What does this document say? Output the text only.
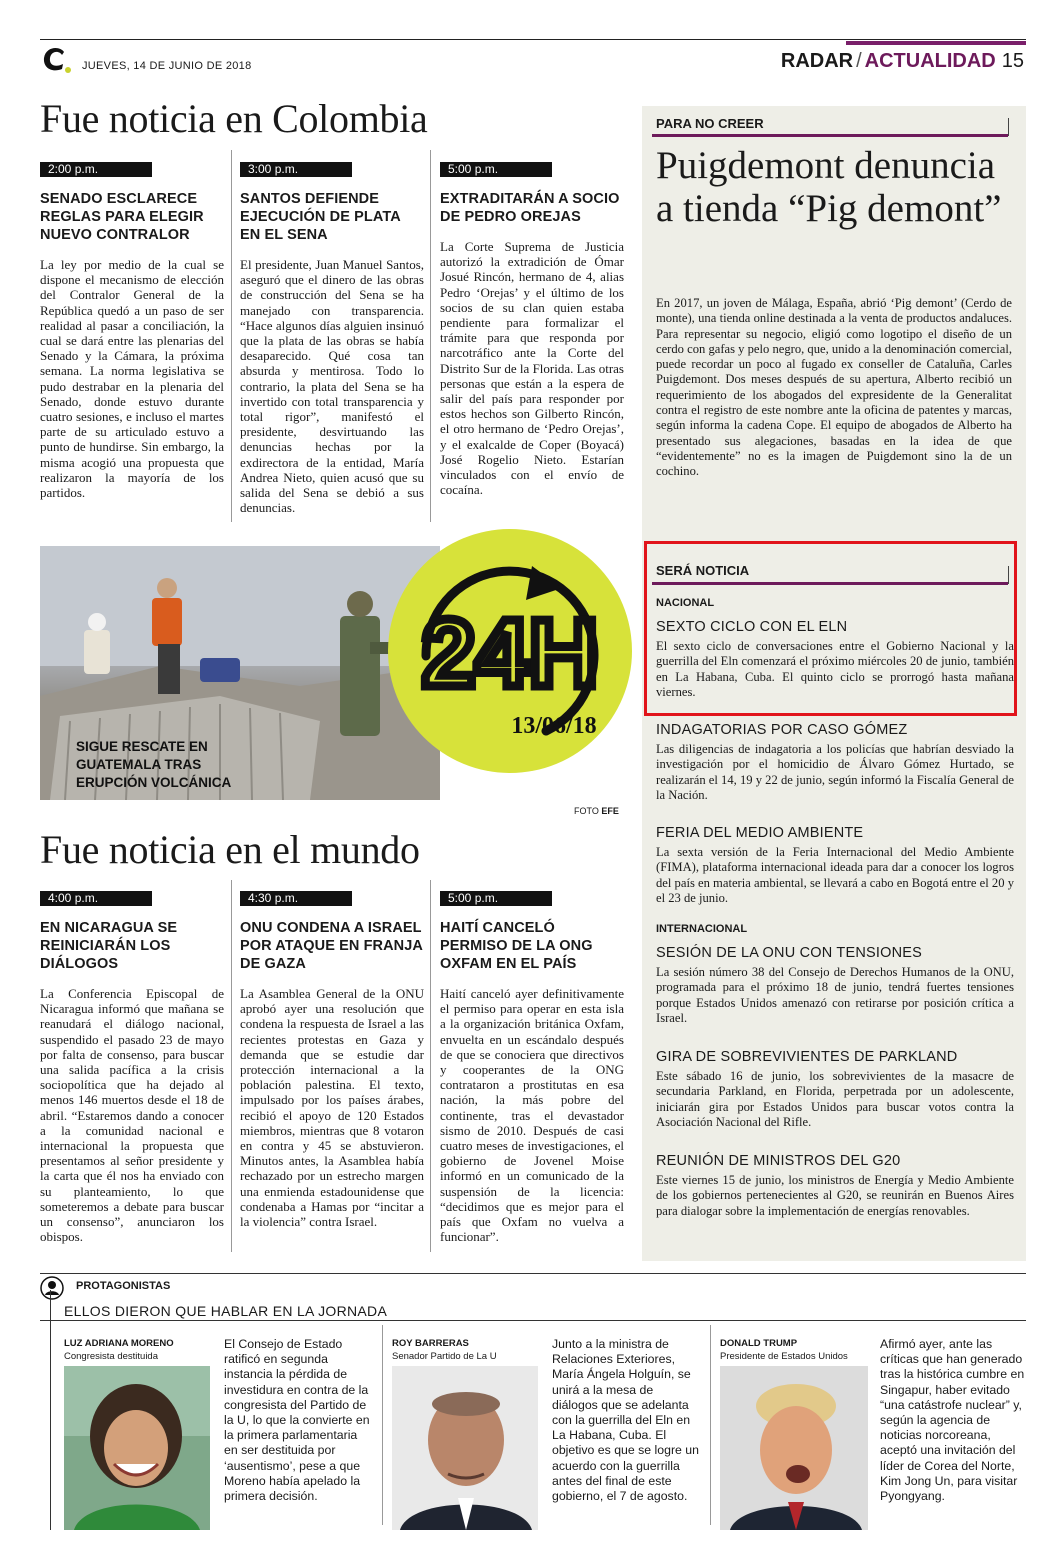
JUEVES, 14 DE JUNIO DE 2018	RADAR / ACTUALIDAD 15
Fue noticia en Colombia
2:00 p.m.
SENADO ESCLARECE REGLAS PARA ELEGIR NUEVO CONTRALOR
La ley por medio de la cual se dispone el mecanismo de elección del Contralor General de la República quedó a un paso de ser realidad al pasar a conciliación, la cual se dará entre las plenarias del Senado y la Cámara, la próxima semana. La norma legislativa se pudo destrabar en la plenaria del Senado, donde estuvo durante cuatro sesiones, e incluso el martes parte de su articulado estuvo a punto de hundirse. Sin embargo, la misma acogió una propuesta que realizaron la mayoría de los partidos.
3:00 p.m.
SANTOS DEFIENDE EJECUCIÓN DE PLATA EN EL SENA
El presidente, Juan Manuel Santos, aseguró que el dinero de las obras de construcción del Sena se ha manejado con transparencia. “Hace algunos días alguien insinuó que la plata de las obras se había desaparecido. Qué cosa tan absurda y mentirosa. Todo lo contrario, la plata del Sena se ha invertido con total transparencia y total rigor”, manifestó el presidente, desvirtuando las denuncias hechas por la exdirectora de la entidad, María Andrea Nieto, quien acusó que su salida del Sena se debió a sus denuncias.
5:00 p.m.
EXTRADITARÁN A SOCIO DE PEDRO OREJAS
La Corte Suprema de Justicia autorizó la extradición de Ómar Josué Rincón, hermano de 4, alias Pedro ‘Orejas’ y el último de los socios de su clan quien estaba pendiente para formalizar el trámite para que responda por narcotráfico ante la Corte del Distrito Sur de la Florida. Las otras personas que están a la espera de salir del país para responder por estos hechos son Gilberto Rincón, el otro hermano de ‘Pedro Orejas’, y el exalcalde de Coper (Boyacá) José Rogelio Nieto. Estarían vinculados con el envío de cocaína.
PARA NO CREER
Puigdemont denuncia a tienda “Pig demont”
En 2017, un joven de Málaga, España, abrió ‘Pig demont’ (Cerdo de monte), una tienda online destinada a la venta de productos andaluces. Para representar su negocio, eligió como logotipo el diseño de un cerdo con gafas y pelo negro, que, unido a la denominación comercial, puede recordar un poco al fugado ex conseller de Cataluña, Carles Puigdemont. Dos meses después de su apertura, Alberto recibió un requerimiento de los abogados del expresidente de la Generalitat contra el registro de este nombre ante la oficina de patentes y marcas, según informa la cadena Cope. El equipo de abogados de Alberto ha presentado sus alegaciones, basadas en la idea de que “evidentemente” no es la imagen de Puigdemont sino la de un cochino.
SERÁ NOTICIA
NACIONAL
SEXTO CICLO CON EL ELN
El sexto ciclo de conversaciones entre el Gobierno Nacional y la guerrilla del Eln comenzará el próximo miércoles 20 de junio, también en La Habana, Cuba. El quinto ciclo se prorrogó hasta mañana viernes.
INDAGATORIAS POR CASO GÓMEZ
Las diligencias de indagatoria a los policías que habrían desviado la investigación por el homicidio de Álvaro Gómez Hurtado, se realizarán el 14, 19 y 22 de junio, según informó la Fiscalía General de la Nación.
FERIA DEL MEDIO AMBIENTE
La sexta versión de la Feria Internacional del Medio Ambiente (FIMA), plataforma internacional ideada para dar a conocer los logros del país en materia ambiental, se llevará a cabo en Bogotá entre el 20 y el 23 de junio.
INTERNACIONAL
SESIÓN DE LA ONU CON TENSIONES
La sesión número 38 del Consejo de Derechos Humanos de la ONU, programada para el próximo 18 de junio, tendrá fuertes tensiones porque Estados Unidos amenazó con retirarse por posición crítica a Israel.
GIRA DE SOBREVIVIENTES DE PARKLAND
Este sábado 16 de junio, los sobrevivientes de la masacre de secundaria Parkland, en Florida, perpetrada por un adolescente, iniciarán gira por Estados Unidos para buscar votos contra la Asociación Nacional del Rifle.
REUNIÓN DE MINISTROS DEL G20
Este viernes 15 de junio, los ministros de Energía y Medio Ambiente de los gobiernos pertenecientes al G20, se reunirán en Buenos Aires para dialogar sobre la implementación de energías renovables.
SIGUE RESCATE EN
GUATEMALA TRAS
ERUPCIÓN VOLCÁNICA
FOTO EFE
24H
13/06/18
Fue noticia en el mundo
4:00 p.m.
EN NICARAGUA SE REINICIARÁN LOS DIÁLOGOS
La Conferencia Episcopal de Nicaragua informó que mañana se reanudará el diálogo nacional, suspendido el pasado 23 de mayo por falta de consenso, para buscar una salida pacífica a la crisis sociopolítica que ha dejado al menos 146 muertos desde el 18 de abril. “Estaremos dando a conocer a la comunidad nacional e internacional la propuesta que presentamos al señor presidente y la carta que él nos ha enviado con su planteamiento, lo que someteremos a debate para buscar un consenso”, anunciaron los obispos.
4:30 p.m.
ONU CONDENA A ISRAEL POR ATAQUE EN FRANJA DE GAZA
La Asamblea General de la ONU aprobó ayer una resolución que condena la respuesta de Israel a las recientes protestas en Gaza y demanda que se estudie dar protección internacional a la población palestina. El texto, impulsado por los países árabes, recibió el apoyo de 120 Estados miembros, mientras que 8 votaron en contra y 45 se abstuvieron. Minutos antes, la Asamblea había rechazado por un estrecho margen una enmienda estadounidense que condenaba a Hamas por “incitar a la violencia” contra Israel.
5:00 p.m.
HAITÍ CANCELÓ PERMISO DE LA ONG OXFAM EN EL PAÍS
Haití canceló ayer definitivamente el permiso para operar en esta isla a la organización británica Oxfam, envuelta en un escándalo después de que se conociera que directivos y cooperantes de la ONG contrataron a prostitutas en esa nación, la más pobre del continente, tras el devastador sismo de 2010. Después de casi cuatro meses de investigaciones, el gobierno de Jovenel Moise informó en un comunicado de la suspensión de la licencia: “decidimos que es mejor para el país que Oxfam no vuelva a funcionar”.
PROTAGONISTAS
ELLOS DIERON QUE HABLAR EN LA JORNADA
LUZ ADRIANA MORENO
Congresista destituida
El Consejo de Estado ratificó en segunda instancia la pérdida de investidura en contra de la congresista del Partido de la U, lo que la convierte en la primera parlamentaria en ser destituida por ‘ausentismo’, pese a que Moreno había apelado la primera decisión.
ROY BARRERAS
Senador Partido de La U
Junto a la ministra de Relaciones Exteriores, María Ángela Holguín, se unirá a la mesa de diálogos que se adelanta con la guerrilla del Eln en La Habana, Cuba. El objetivo es que se logre un acuerdo con la guerrilla antes del final de este gobierno, el 7 de agosto.
DONALD TRUMP
Presidente de Estados Unidos
Afirmó ayer, ante las críticas que han generado tras la histórica cumbre en Singapur, haber evitado “una catástrofe nuclear” y, según la agencia de noticias norcoreana, aceptó una invitación del líder de Corea del Norte, Kim Jong Un, para visitar Pyongyang.
